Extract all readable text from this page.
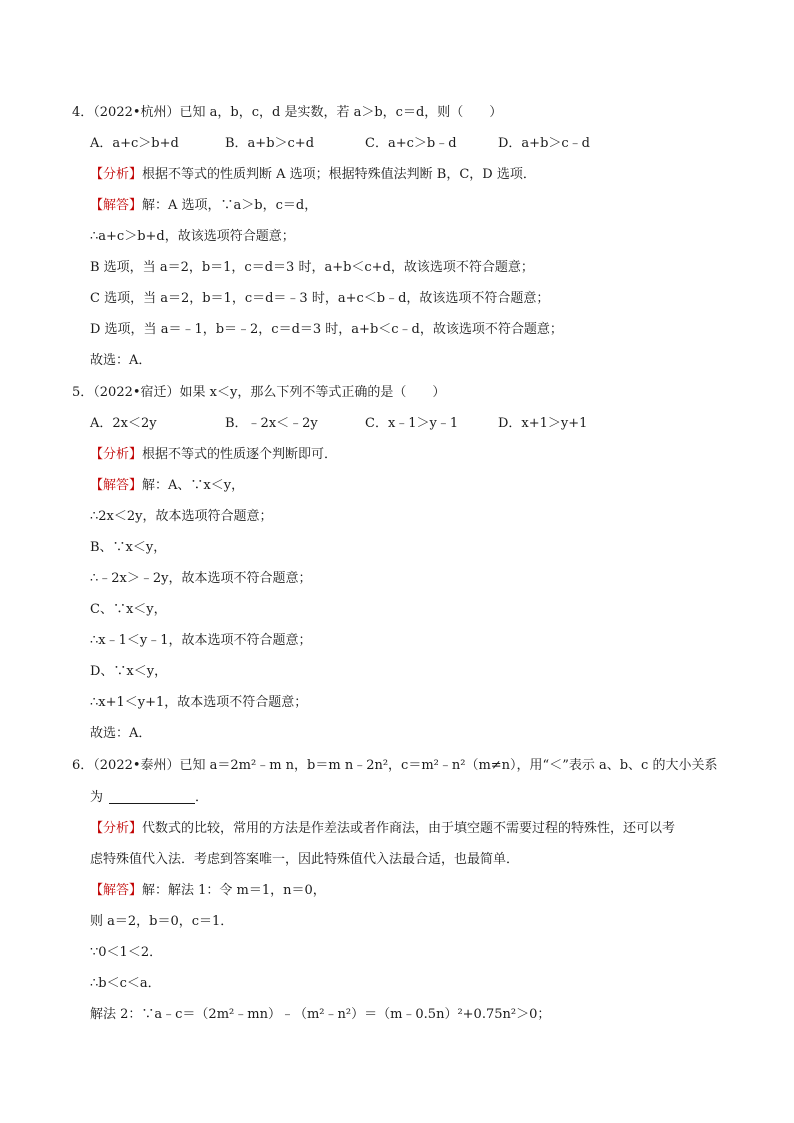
4．（2022•杭州）已知 a，b，c，d 是实数，若 a＞b，c＝d，则（　　）
A．a+c＞b+d	B．a+b＞c+d	C．a+c＞b﹣d	D．a+b＞c﹣d
【分析】根据不等式的性质判断 A 选项；根据特殊值法判断 B，C，D 选项．
【解答】解：A 选项，∵a＞b，c＝d，
∴a+c＞b+d，故该选项符合题意；
B 选项，当 a＝2，b＝1，c＝d＝3 时，a+b＜c+d，故该选项不符合题意；
C 选项，当 a＝2，b＝1，c＝d＝﹣3 时，a+c＜b﹣d，故该选项不符合题意；
D 选项，当 a＝﹣1，b＝﹣2，c＝d＝3 时，a+b＜c﹣d，故该选项不符合题意；
故选：A．
5．（2022•宿迁）如果 x＜y，那么下列不等式正确的是（　　）
A．2x＜2y	B．﹣2x＜﹣2y	C．x﹣1＞y﹣1	D．x+1＞y+1
【分析】根据不等式的性质逐个判断即可．
【解答】解：A、∵x＜y，
∴2x＜2y，故本选项符合题意；
B、∵x＜y，
∴﹣2x＞﹣2y，故本选项不符合题意；
C、∵x＜y，
∴x﹣1＜y﹣1，故本选项不符合题意；
D、∵x＜y，
∴x+1＜y+1，故本选项不符合题意；
故选：A．
6．（2022•泰州）已知 a＝2m²﹣m n，b＝m n﹣2n²，c＝m²﹣n²（m≠n），用“＜”表示 a、b、c 的大小关系
为	．
【分析】代数式的比较，常用的方法是作差法或者作商法，由于填空题不需要过程的特殊性，还可以考
虑特殊值代入法．考虑到答案唯一，因此特殊值代入法最合适，也最简单．
【解答】解：解法 1：令 m＝1，n＝0，
则 a＝2，b＝0，c＝1．
∵0＜1＜2．
∴b＜c＜a．
解法 2：∵a﹣c＝（2m²﹣mn）﹣（m²﹣n²）＝（m﹣0.5n）²+0.75n²＞0；
